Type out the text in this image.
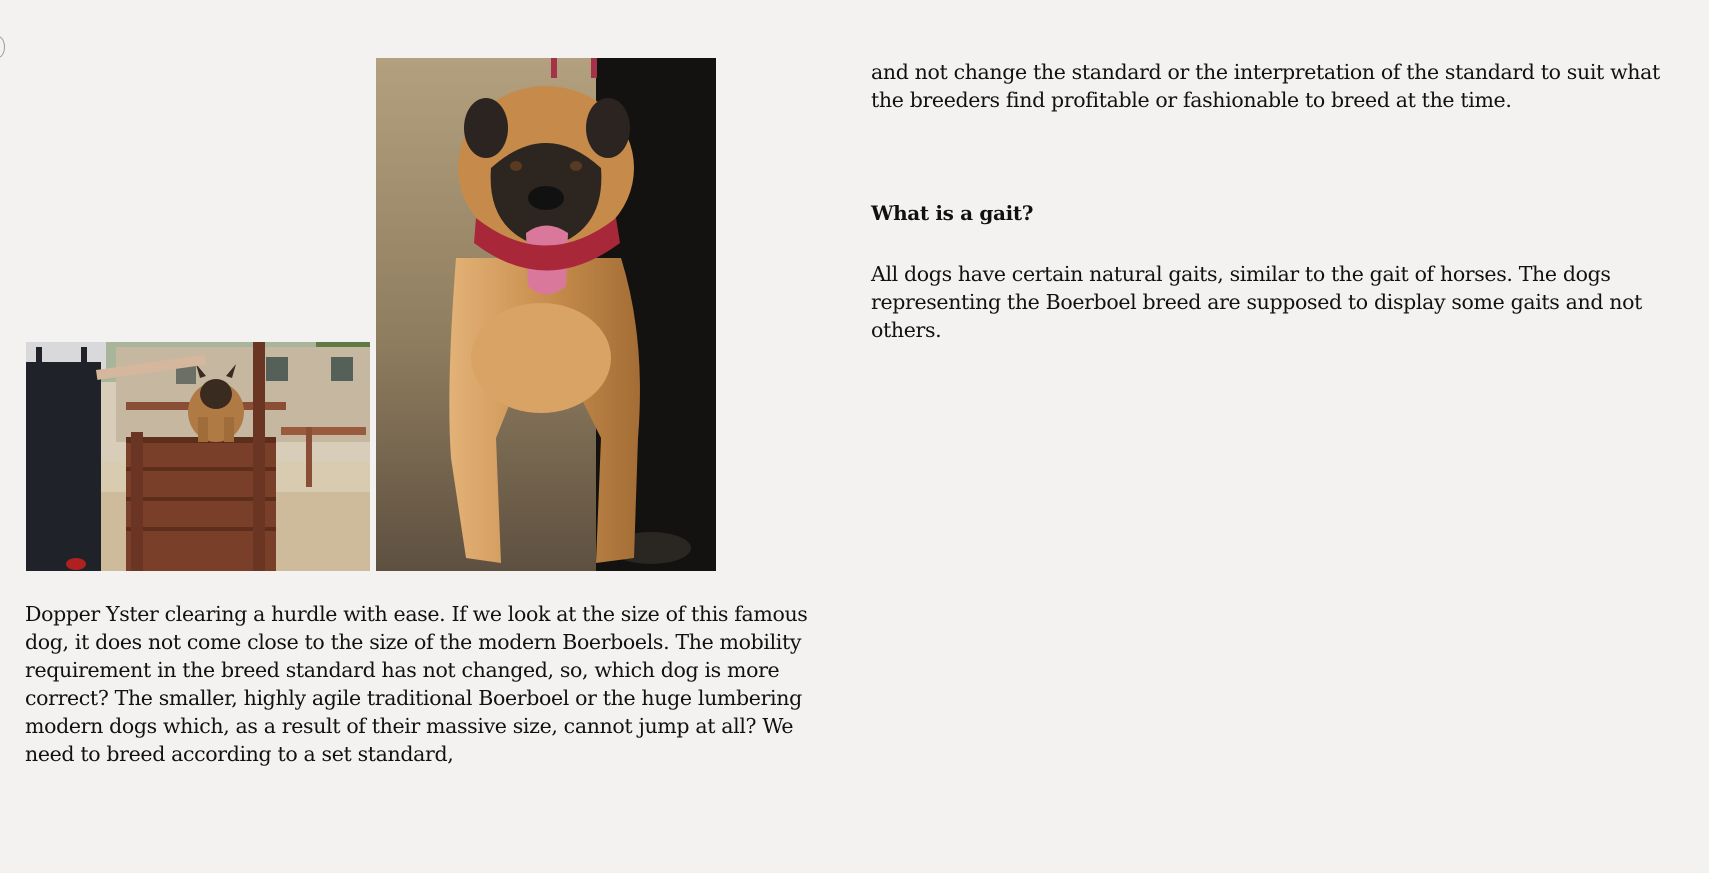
Dopper Yster clearing a hurdle with ease. If we look at the size of this famous dog, it does not come close to the size of the modern Boerboels. The mobility requirement in the breed standard has not changed, so, which dog is more correct? The smaller, highly agile traditional Boerboel or the huge lumbering modern dogs which, as a result of their massive size, cannot jump at all? We need to breed according to a set standard,

and not change the standard or the interpretation of the standard to suit what the breeders find profitable or fashionable to breed at the time.

What is a gait?

All dogs have certain natural gaits, similar to the gait of horses. The dogs representing the Boerboel breed are supposed to display some gaits and not others.
